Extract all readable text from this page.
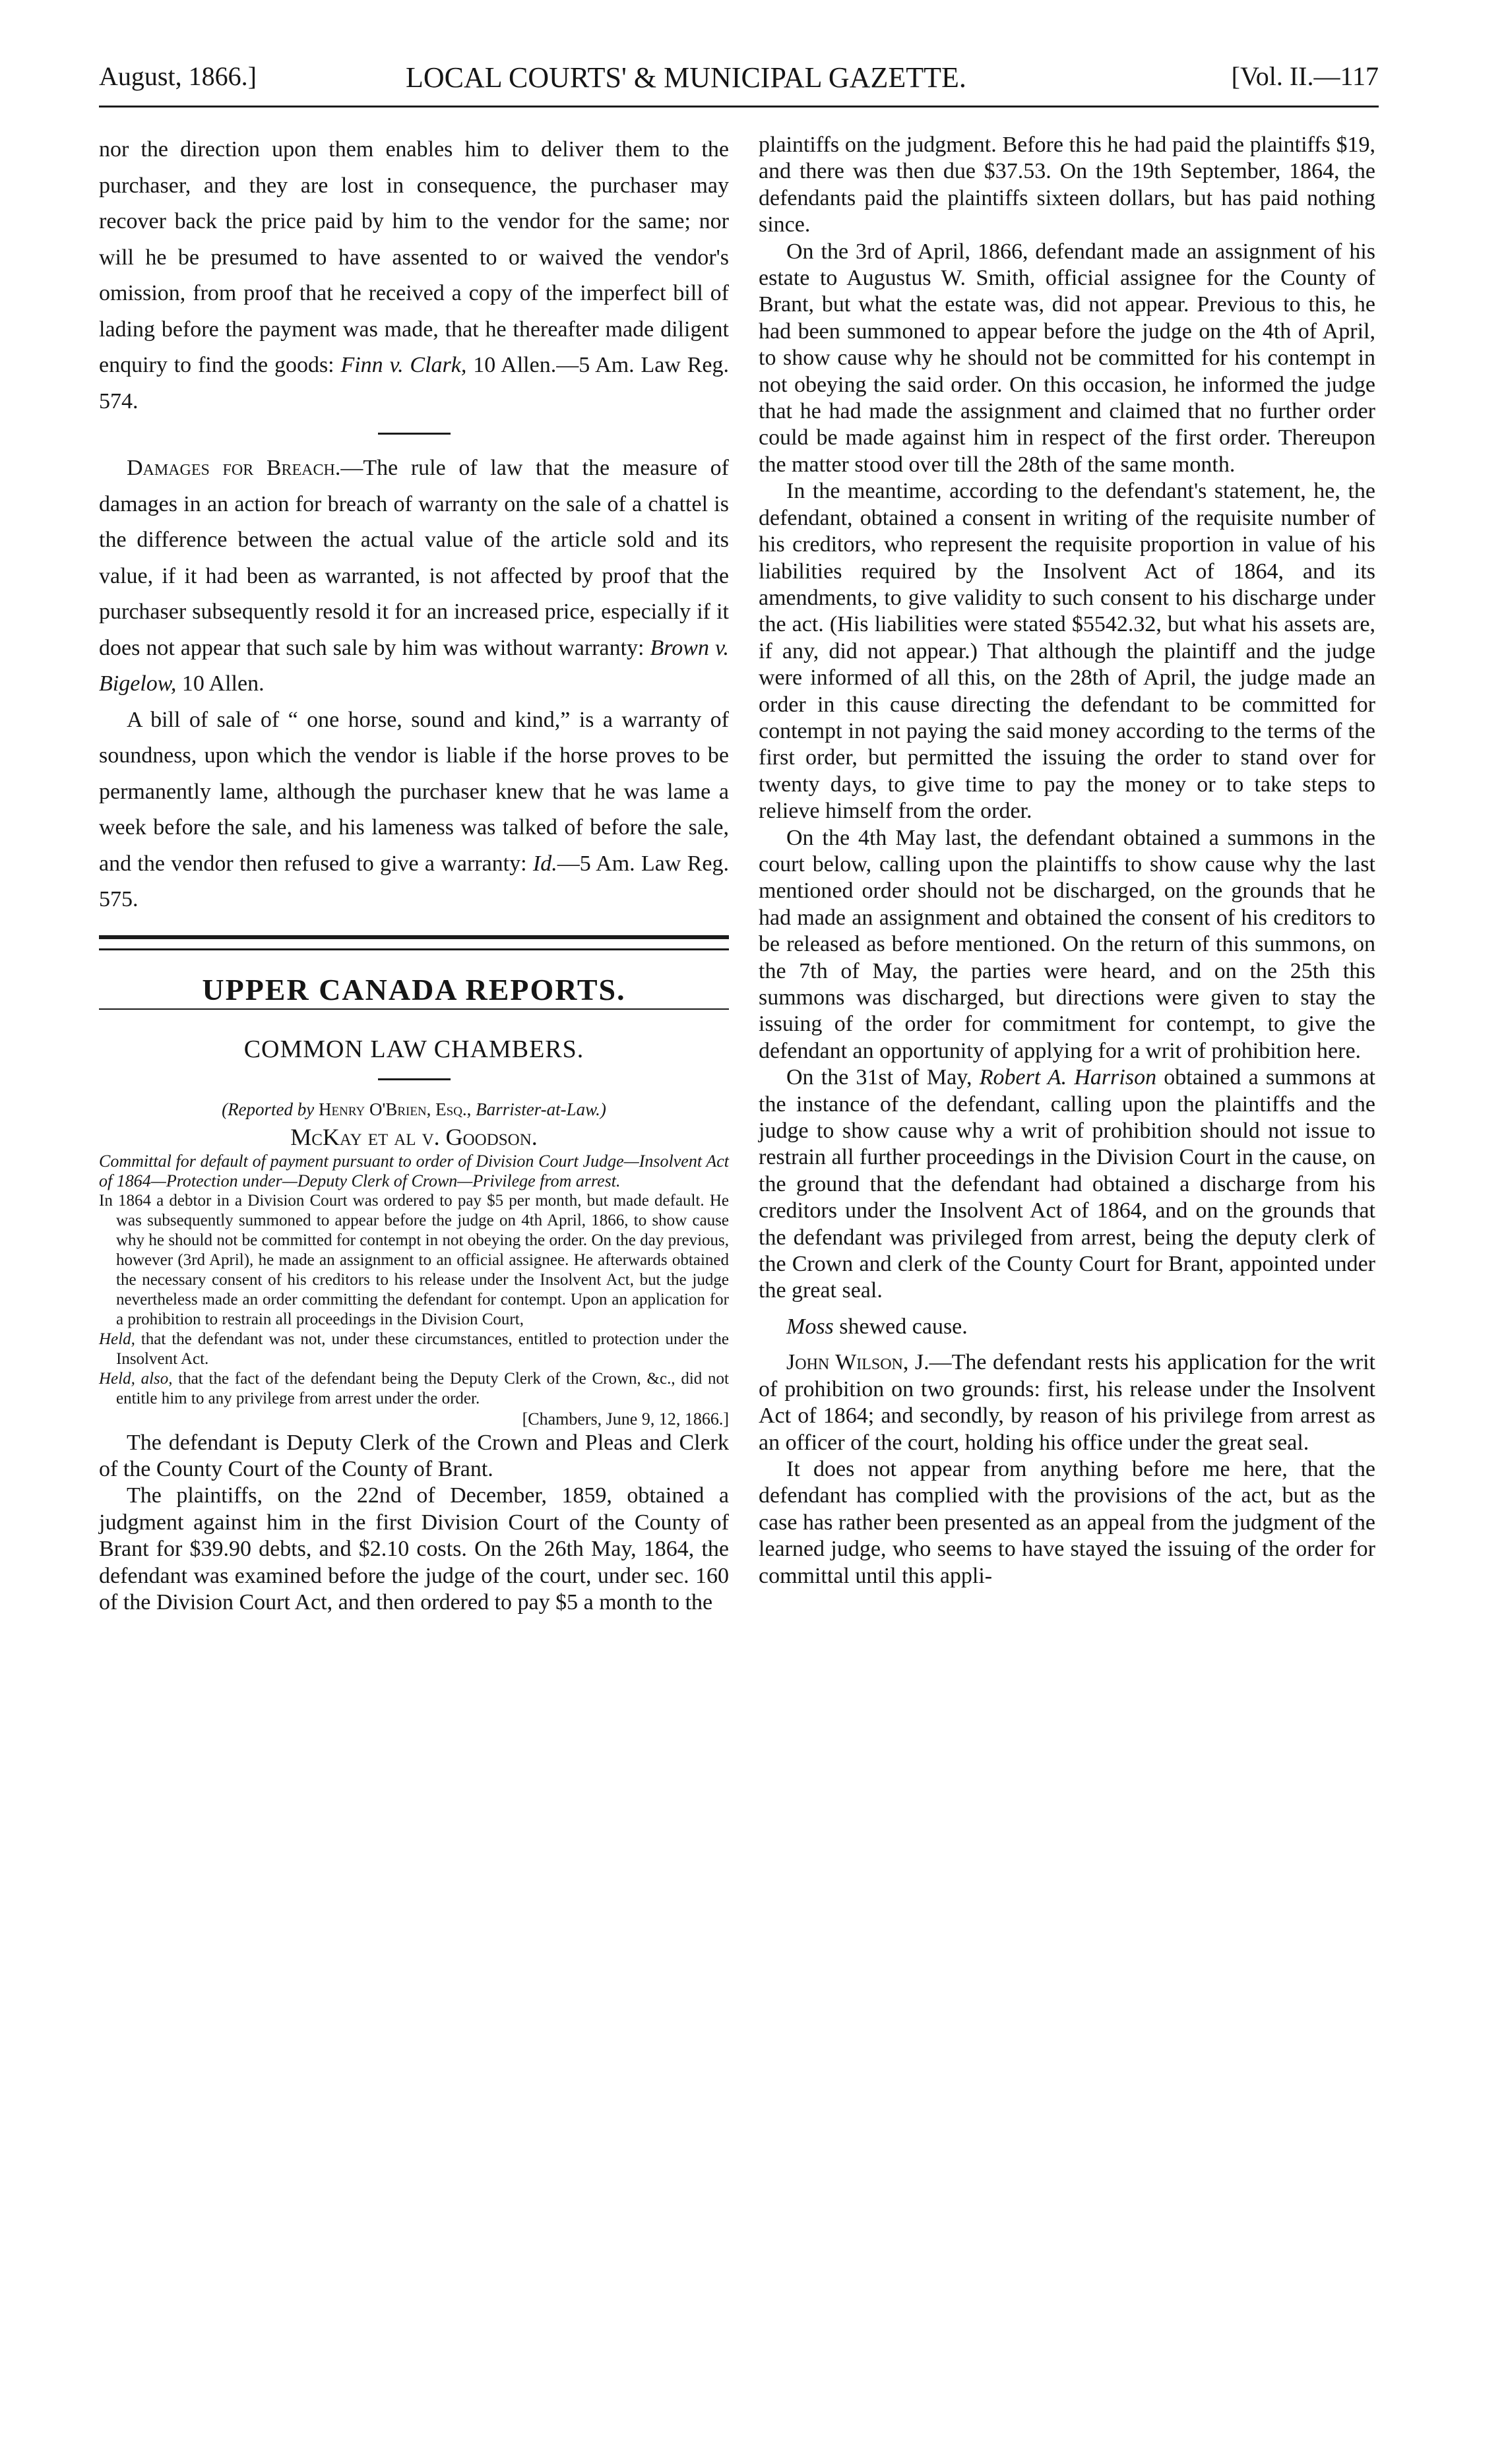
August, 1866.]	LOCAL COURTS' & MUNICIPAL GAZETTE.	[Vol. II.—117

nor the direction upon them enables him to deliver them to the purchaser, and they are lost in consequence, the purchaser may recover back the price paid by him to the vendor for the same; nor will he be presumed to have assented to or waived the vendor's omission, from proof that he received a copy of the imperfect bill of lading before the payment was made, that he thereafter made diligent enquiry to find the goods: Finn v. Clark, 10 Allen.—5 Am. Law Reg. 574.

Damages for Breach.—The rule of law that the measure of damages in an action for breach of warranty on the sale of a chattel is the difference between the actual value of the article sold and its value, if it had been as warranted, is not affected by proof that the purchaser subsequently resold it for an increased price, especially if it does not appear that such sale by him was without warranty: Brown v. Bigelow, 10 Allen.

A bill of sale of “ one horse, sound and kind,” is a warranty of soundness, upon which the vendor is liable if the horse proves to be permanently lame, although the purchaser knew that he was lame a week before the sale, and his lameness was talked of before the sale, and the vendor then refused to give a warranty: Id.—5 Am. Law Reg. 575.

UPPER CANADA REPORTS.

COMMON LAW CHAMBERS.

(Reported by Henry O'Brien, Esq., Barrister-at-Law.)

McKay et al v. Goodson.

Committal for default of payment pursuant to order of Division Court Judge—Insolvent Act of 1864—Protection under—Deputy Clerk of Crown—Privilege from arrest.

In 1864 a debtor in a Division Court was ordered to pay $5 per month, but made default. He was subsequently summoned to appear before the judge on 4th April, 1866, to show cause why he should not be committed for contempt in not obeying the order. On the day previous, however (3rd April), he made an assignment to an official assignee. He afterwards obtained the necessary consent of his creditors to his release under the Insolvent Act, but the judge nevertheless made an order committing the defendant for contempt. Upon an application for a prohibition to restrain all proceedings in the Division Court,

Held, that the defendant was not, under these circumstances, entitled to protection under the Insolvent Act.

Held, also, that the fact of the defendant being the Deputy Clerk of the Crown, &c., did not entitle him to any privilege from arrest under the order.

[Chambers, June 9, 12, 1866.]

The defendant is Deputy Clerk of the Crown and Pleas and Clerk of the County Court of the County of Brant.

The plaintiffs, on the 22nd of December, 1859, obtained a judgment against him in the first Division Court of the County of Brant for $39.90 debts, and $2.10 costs. On the 26th May, 1864, the defendant was examined before the judge of the court, under sec. 160 of the Division Court Act, and then ordered to pay $5 a month to the

plaintiffs on the judgment. Before this he had paid the plaintiffs $19, and there was then due $37.53. On the 19th September, 1864, the defendants paid the plaintiffs sixteen dollars, but has paid nothing since.

On the 3rd of April, 1866, defendant made an assignment of his estate to Augustus W. Smith, official assignee for the County of Brant, but what the estate was, did not appear. Previous to this, he had been summoned to appear before the judge on the 4th of April, to show cause why he should not be committed for his contempt in not obeying the said order. On this occasion, he informed the judge that he had made the assignment and claimed that no further order could be made against him in respect of the first order. Thereupon the matter stood over till the 28th of the same month.

In the meantime, according to the defendant's statement, he, the defendant, obtained a consent in writing of the requisite number of his creditors, who represent the requisite proportion in value of his liabilities required by the Insolvent Act of 1864, and its amendments, to give validity to such consent to his discharge under the act. (His liabilities were stated $5542.32, but what his assets are, if any, did not appear.) That although the plaintiff and the judge were informed of all this, on the 28th of April, the judge made an order in this cause directing the defendant to be committed for contempt in not paying the said money according to the terms of the first order, but permitted the issuing the order to stand over for twenty days, to give time to pay the money or to take steps to relieve himself from the order.

On the 4th May last, the defendant obtained a summons in the court below, calling upon the plaintiffs to show cause why the last mentioned order should not be discharged, on the grounds that he had made an assignment and obtained the consent of his creditors to be released as before mentioned. On the return of this summons, on the 7th of May, the parties were heard, and on the 25th this summons was discharged, but directions were given to stay the issuing of the order for commitment for contempt, to give the defendant an opportunity of applying for a writ of prohibition here.

On the 31st of May, Robert A. Harrison obtained a summons at the instance of the defendant, calling upon the plaintiffs and the judge to show cause why a writ of prohibition should not issue to restrain all further proceedings in the Division Court in the cause, on the ground that the defendant had obtained a discharge from his creditors under the Insolvent Act of 1864, and on the grounds that the defendant was privileged from arrest, being the deputy clerk of the Crown and clerk of the County Court for Brant, appointed under the great seal.

Moss shewed cause.

John Wilson, J.—The defendant rests his application for the writ of prohibition on two grounds: first, his release under the Insolvent Act of 1864; and secondly, by reason of his privilege from arrest as an officer of the court, holding his office under the great seal.

It does not appear from anything before me here, that the defendant has complied with the provisions of the act, but as the case has rather been presented as an appeal from the judgment of the learned judge, who seems to have stayed the issuing of the order for committal until this appli-
